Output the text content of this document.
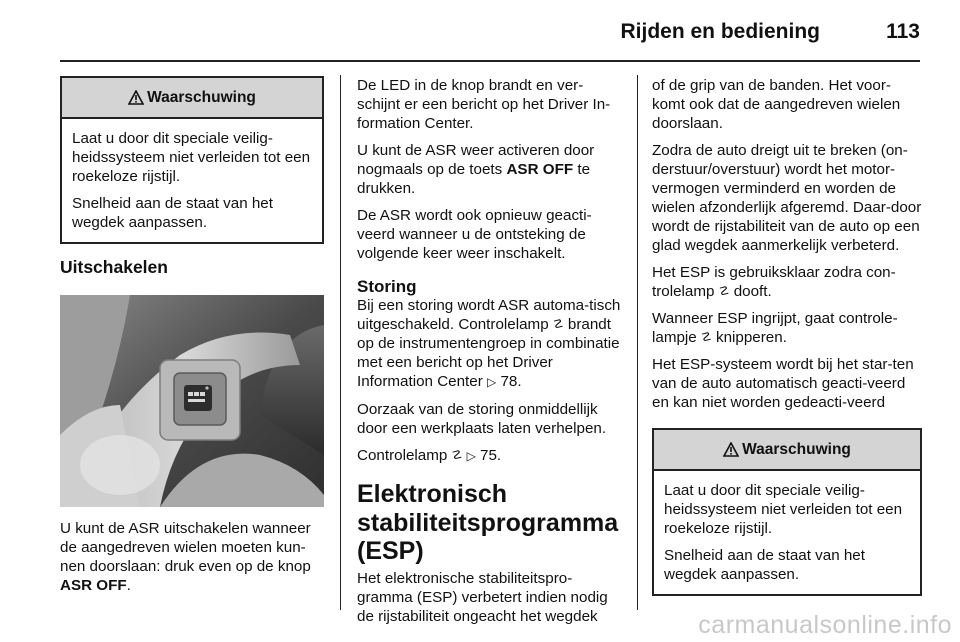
Rijden en bediening	113
Waarschuwing

Laat u door dit speciale veilig-heidssysteem niet verleiden tot een roekeloze rijstijl.

Snelheid aan de staat van het wegdek aanpassen.

Uitschakelen

U kunt de ASR uitschakelen wanneer de aangedreven wielen moeten kun-nen doorslaan: druk even op de knop ASR OFF.

De LED in de knop brandt en ver-schijnt er een bericht op het Driver In-formation Center.

U kunt de ASR weer activeren door nogmaals op de toets ASR OFF te drukken.

De ASR wordt ook opnieuw geacti-veerd wanneer u de ontsteking de volgende keer weer inschakelt.

Storing

Bij een storing wordt ASR automa-tisch uitgeschakeld. Controlelamp ☡ brandt op de instrumentengroep in combinatie met een bericht op het Driver Information Center ▷ 78.

Oorzaak van de storing onmiddellijk door een werkplaats laten verhelpen.

Controlelamp ☡ ▷ 75.

Elektronisch
stabiliteitsprogramma
(ESP)

Het elektronische stabiliteitspro-gramma (ESP) verbetert indien nodig de rijstabiliteit ongeacht het wegdek

of de grip van de banden. Het voor-komt ook dat de aangedreven wielen doorslaan.

Zodra de auto dreigt uit te breken (on-derstuur/overstuur) wordt het motor-vermogen verminderd en worden de wielen afzonderlijk afgeremd. Daar-door wordt de rijstabiliteit van de auto op een glad wegdek aanmerkelijk verbeterd.

Het ESP is gebruiksklaar zodra con-trolelamp ☡ dooft.

Wanneer ESP ingrijpt, gaat controle-lampje ☡ knipperen.

Het ESP-systeem wordt bij het star-ten van de auto automatisch geacti-veerd en kan niet worden gedeacti-veerd

Waarschuwing

Laat u door dit speciale veilig-heidssysteem niet verleiden tot een roekeloze rijstijl.

Snelheid aan de staat van het wegdek aanpassen.

carmanualsonline.info
